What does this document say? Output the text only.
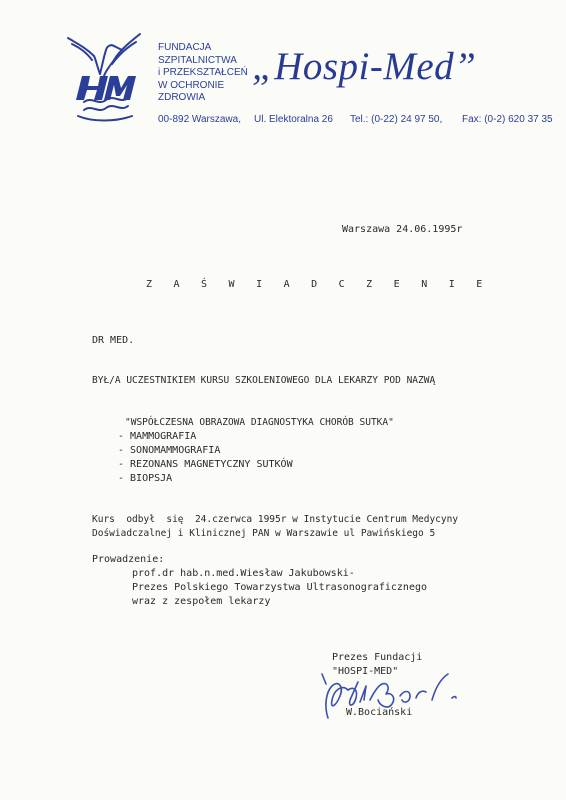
FUNDACJA
SZPITALNICTWA
i PRZEKSZTAŁCEŃ
W OCHRONIE
ZDROWIA
„Hospi-Med”
00-892 Warszawa, Ul. Elektoralna 26 Tel.: (0-22) 24 97 50, Fax: (0-2) 620 37 35
Warszawa 24.06.1995r
ZAŚWIADCZENIE
DR MED.
BYŁ/A UCZESTNIKIEM KURSU SZKOLENIOWEGO DLA LEKARZY POD NAZWĄ
"WSPÓŁCZESNA OBRAZOWA DIAGNOSTYKA CHORÓB SUTKA"
- MAMMOGRAFIA
- SONOMAMMOGRAFIA
- REZONANS MAGNETYCZNY SUTKÓW
- BIOPSJA
Kurs  odbył  się  24.czerwca 1995r w Instytucie Centrum Medycyny
Doświadczalnej i Klinicznej PAN w Warszawie ul Pawińskiego 5
Prowadzenie:
prof.dr hab.n.med.Wiesław Jakubowski-
Prezes Polskiego Towarzystwa Ultrasonograficznego
wraz z zespołem lekarzy
Prezes Fundacji
"HOSPI-MED"
W.Bociański
